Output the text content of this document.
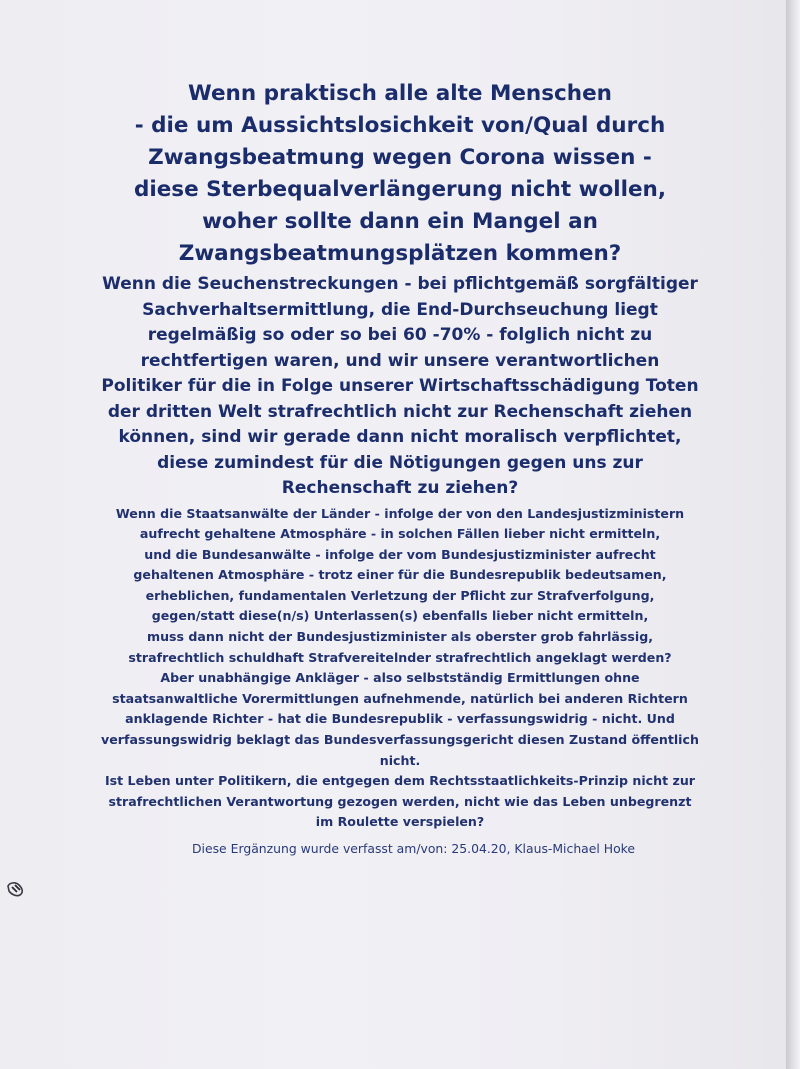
Wenn praktisch alle alte Menschen
- die um Aussichtslosichkeit von/Qual durch
Zwangsbeatmung wegen Corona wissen -
diese Sterbequalverlängerung nicht wollen,
woher sollte dann ein Mangel an
Zwangsbeatmungsplätzen kommen?

Wenn die Seuchenstreckungen - bei pflichtgemäß sorgfältiger
Sachverhaltsermittlung, die End-Durchseuchung liegt
regelmäßig so oder so bei 60 -70% - folglich nicht zu
rechtfertigen waren, und wir unsere verantwortlichen
Politiker für die in Folge unserer Wirtschaftsschädigung Toten
der dritten Welt strafrechtlich nicht zur Rechenschaft ziehen
können, sind wir gerade dann nicht moralisch verpflichtet,
diese zumindest für die Nötigungen gegen uns zur
Rechenschaft zu ziehen?

Wenn die Staatsanwälte der Länder - infolge der von den Landesjustizministern
aufrecht gehaltene Atmosphäre - in solchen Fällen lieber nicht ermitteln,
und die Bundesanwälte - infolge der vom Bundesjustizminister aufrecht
gehaltenen Atmosphäre - trotz einer für die Bundesrepublik bedeutsamen,
erheblichen, fundamentalen Verletzung der Pflicht zur Strafverfolgung,
gegen/statt diese(n/s) Unterlassen(s) ebenfalls lieber nicht ermitteln,
muss dann nicht der Bundesjustizminister als oberster grob fahrlässig,
strafrechtlich schuldhaft Strafvereitelnder strafrechtlich angeklagt werden?
Aber unabhängige Ankläger - also selbstständig Ermittlungen ohne
staatsanwaltliche Vorermittlungen aufnehmende, natürlich bei anderen Richtern
anklagende Richter - hat die Bundesrepublik - verfassungswidrig - nicht. Und
verfassungswidrig beklagt das Bundesverfassungsgericht diesen Zustand öffentlich
nicht.
Ist Leben unter Politikern, die entgegen dem Rechtsstaatlichkeits-Prinzip nicht zur
strafrechtlichen Verantwortung gezogen werden, nicht wie das Leben unbegrenzt
im Roulette verspielen?

Diese Ergänzung wurde verfasst am/von: 25.04.20, Klaus-Michael Hoke
